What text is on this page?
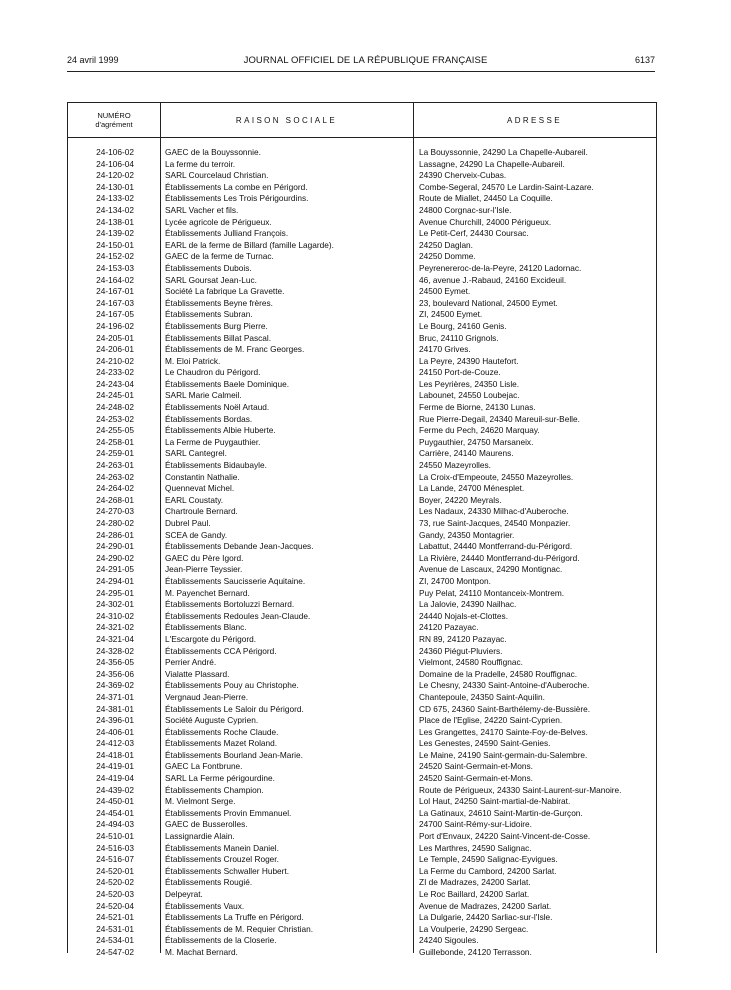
24 avril 1999	JOURNAL OFFICIEL DE LA RÉPUBLIQUE FRANÇAISE	6137
NUMÉRO
d'agrément	RAISON SOCIALE	ADRESSE
24-106-02	GAEC de la Bouyssonnie.	La Bouyssonnie, 24290 La Chapelle-Aubareil.
24-106-04	La ferme du terroir.	Lassagne, 24290 La Chapelle-Aubareil.
24-120-02	SARL Courcelaud Christian.	24390 Cherveix-Cubas.
24-130-01	Établissements La combe en Périgord.	Combe-Segeral, 24570 Le Lardin-Saint-Lazare.
24-133-02	Établissements Les Trois Périgourdins.	Route de Miallet, 24450 La Coquille.
24-134-02	SARL Vacher et fils.	24800 Corgnac-sur-l'Isle.
24-138-01	Lycée agricole de Périgueux.	Avenue Churchill, 24000 Périgueux.
24-139-02	Établissements Julliand François.	Le Petit-Cerf, 24430 Coursac.
24-150-01	EARL de la ferme de Billard (famille Lagarde).	24250 Daglan.
24-152-02	GAEC de la ferme de Turnac.	24250 Domme.
24-153-03	Établissements Dubois.	Peyrenereroc-de-la-Peyre, 24120 Ladornac.
24-164-02	SARL Goursat Jean-Luc.	46, avenue J.-Rabaud, 24160 Excideuil.
24-167-01	Société La fabrique La Gravette.	24500 Eymet.
24-167-03	Établissements Beyne frères.	23, boulevard National, 24500 Eymet.
24-167-05	Établissements Subran.	ZI, 24500 Eymet.
24-196-02	Établissements Burg Pierre.	Le Bourg, 24160 Genis.
24-205-01	Établissements Billat Pascal.	Bruc, 24110 Grignols.
24-206-01	Établissements de M. Franc Georges.	24170 Grives.
24-210-02	M. Eloi Patrick.	La Peyre, 24390 Hautefort.
24-233-02	Le Chaudron du Périgord.	24150 Port-de-Couze.
24-243-04	Établissements Baele Dominique.	Les Peyrières, 24350 Lisle.
24-245-01	SARL Marie Calmeil.	Labounet, 24550 Loubejac.
24-248-02	Établissements Noël Artaud.	Ferme de Biorne, 24130 Lunas.
24-253-02	Établissements Bordas.	Rue Pierre-Degail, 24340 Mareuil-sur-Belle.
24-255-05	Établissements Albie Huberte.	Ferme du Pech, 24620 Marquay.
24-258-01	La Ferme de Puygauthier.	Puygauthier, 24750 Marsaneix.
24-259-01	SARL Cantegrel.	Carrière, 24140 Maurens.
24-263-01	Établissements Bidaubayle.	24550 Mazeyrolles.
24-263-02	Constantin Nathalie.	La Croix-d'Empeoute, 24550 Mazeyrolles.
24-264-02	Quennevat Michel.	La Lande, 24700 Ménesplet.
24-268-01	EARL Coustaty.	Boyer, 24220 Meyrals.
24-270-03	Chartroule Bernard.	Les Nadaux, 24330 Milhac-d'Auberoche.
24-280-02	Dubrel Paul.	73, rue Saint-Jacques, 24540 Monpazier.
24-286-01	SCEA de Gandy.	Gandy, 24350 Montagrier.
24-290-01	Établissements Debande Jean-Jacques.	Labattut, 24440 Montferrand-du-Périgord.
24-290-02	GAEC du Père Igord.	La Rivière, 24440 Montferrand-du-Périgord.
24-291-05	Jean-Pierre Teyssier.	Avenue de Lascaux, 24290 Montignac.
24-294-01	Établissements Saucisserie Aquitaine.	ZI, 24700 Montpon.
24-295-01	M. Payenchet Bernard.	Puy Pelat, 24110 Montanceix-Montrem.
24-302-01	Établissements Bortoluzzi Bernard.	La Jalovie, 24390 Nailhac.
24-310-02	Établissements Redoules Jean-Claude.	24440 Nojals-et-Clottes.
24-321-02	Établissements Blanc.	24120 Pazayac.
24-321-04	L'Escargote du Périgord.	RN 89, 24120 Pazayac.
24-328-02	Établissements CCA Périgord.	24360 Piégut-Pluviers.
24-356-05	Perrier André.	Vielmont, 24580 Rouffignac.
24-356-06	Vialatte Plassard.	Domaine de la Pradelle, 24580 Rouffignac.
24-369-02	Établissements Pouy au Christophe.	Le Chesny, 24330 Saint-Antoine-d'Auberoche.
24-371-01	Vergnaud Jean-Pierre.	Chantepoule, 24350 Saint-Aquilin.
24-381-01	Établissements Le Saloir du Périgord.	CD 675, 24360 Saint-Barthélemy-de-Bussière.
24-396-01	Société Auguste Cyprien.	Place de l'Eglise, 24220 Saint-Cyprien.
24-406-01	Établissements Roche Claude.	Les Grangettes, 24170 Sainte-Foy-de-Belves.
24-412-03	Établissements Mazet Roland.	Les Genestes, 24590 Saint-Genies.
24-418-01	Établissements Bourland Jean-Marie.	Le Maine, 24190 Saint-germain-du-Salembre.
24-419-01	GAEC La Fontbrune.	24520 Saint-Germain-et-Mons.
24-419-04	SARL La Ferme périgourdine.	24520 Saint-Germain-et-Mons.
24-439-02	Établissements Champion.	Route de Périgueux, 24330 Saint-Laurent-sur-Manoire.
24-450-01	M. Vielmont Serge.	Lol Haut, 24250 Saint-martial-de-Nabirat.
24-454-01	Établissements Provin Emmanuel.	La Gatinaux, 24610 Saint-Martin-de-Gurçon.
24-494-03	GAEC de Busserolles.	24700 Saint-Rémy-sur-Lidoire.
24-510-01	Lassignardie Alain.	Port d'Envaux, 24220 Saint-Vincent-de-Cosse.
24-516-03	Établissements Manein Daniel.	Les Marthres, 24590 Salignac.
24-516-07	Établissements Crouzel Roger.	Le Temple, 24590 Salignac-Eyvigues.
24-520-01	Établissements Schwaller Hubert.	La Ferme du Cambord, 24200 Sarlat.
24-520-02	Établissements Rougié.	ZI de Madrazes, 24200 Sarlat.
24-520-03	Delpeyrat.	Le Roc Baillard, 24200 Sarlat.
24-520-04	Établissements Vaux.	Avenue de Madrazes, 24200 Sarlat.
24-521-01	Établissements La Truffe en Périgord.	La Dulgarie, 24420 Sarliac-sur-l'Isle.
24-531-01	Établissements de M. Requier Christian.	La Voulperie, 24290 Sergeac.
24-534-01	Établissements de la Closerie.	24240 Sigoules.
24-547-02	M. Machat Bernard.	Guillebonde, 24120 Terrasson.
